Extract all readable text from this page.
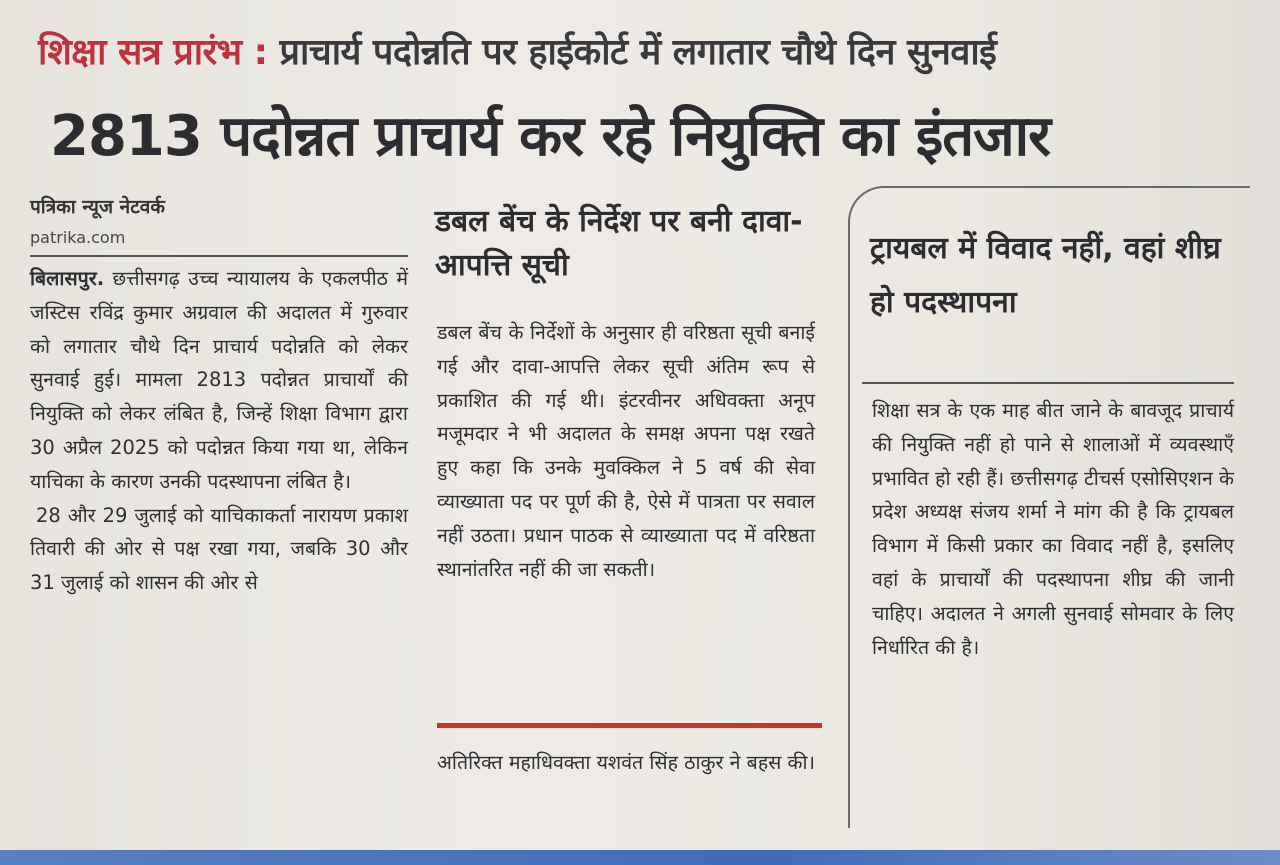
शिक्षा सत्र प्रारंभ : प्राचार्य पदोन्नति पर हाईकोर्ट में लगातार चौथे दिन सुनवाई
2813 पदोन्नत प्राचार्य कर रहे नियुक्ति का इंतजार
पत्रिका न्यूज नेटवर्क
patrika.com

बिलासपुर. छत्तीसगढ़ उच्च न्यायालय के एकलपीठ में जस्टिस रविंद्र कुमार अग्रवाल की अदालत में गुरुवार को लगातार चौथे दिन प्राचार्य पदोन्नति को लेकर सुनवाई हुई। मामला 2813 पदोन्नत प्राचार्यों की नियुक्ति को लेकर लंबित है, जिन्हें शिक्षा विभाग द्वारा 30 अप्रैल 2025 को पदोन्नत किया गया था, लेकिन याचिका के कारण उनकी पदस्थापना लंबित है।

28 और 29 जुलाई को याचिकाकर्ता नारायण प्रकाश तिवारी की ओर से पक्ष रखा गया, जबकि 30 और 31 जुलाई को शासन की ओर से

डबल बेंच के निर्देश पर बनी दावा-आपत्ति सूची

डबल बेंच के निर्देशों के अनुसार ही वरिष्ठता सूची बनाई गई और दावा-आपत्ति लेकर सूची अंतिम रूप से प्रकाशित की गई थी। इंटरवीनर अधिवक्ता अनूप मजूमदार ने भी अदालत के समक्ष अपना पक्ष रखते हुए कहा कि उनके मुवक्किल ने 5 वर्ष की सेवा व्याख्याता पद पर पूर्ण की है, ऐसे में पात्रता पर सवाल नहीं उठता। प्रधान पाठक से व्याख्याता पद में वरिष्ठता स्थानांतरित नहीं की जा सकती।

अतिरिक्त महाधिवक्ता यशवंत सिंह ठाकुर ने बहस की।

ट्रायबल में विवाद नहीं, वहां शीघ्र हो पदस्थापना

शिक्षा सत्र के एक माह बीत जाने के बावजूद प्राचार्य की नियुक्ति नहीं हो पाने से शालाओं में व्यवस्थाएँ प्रभावित हो रही हैं। छत्तीसगढ़ टीचर्स एसोसिएशन के प्रदेश अध्यक्ष संजय शर्मा ने मांग की है कि ट्रायबल विभाग में किसी प्रकार का विवाद नहीं है, इसलिए वहां के प्राचार्यों की पदस्थापना शीघ्र की जानी चाहिए। अदालत ने अगली सुनवाई सोमवार के लिए निर्धारित की है।
